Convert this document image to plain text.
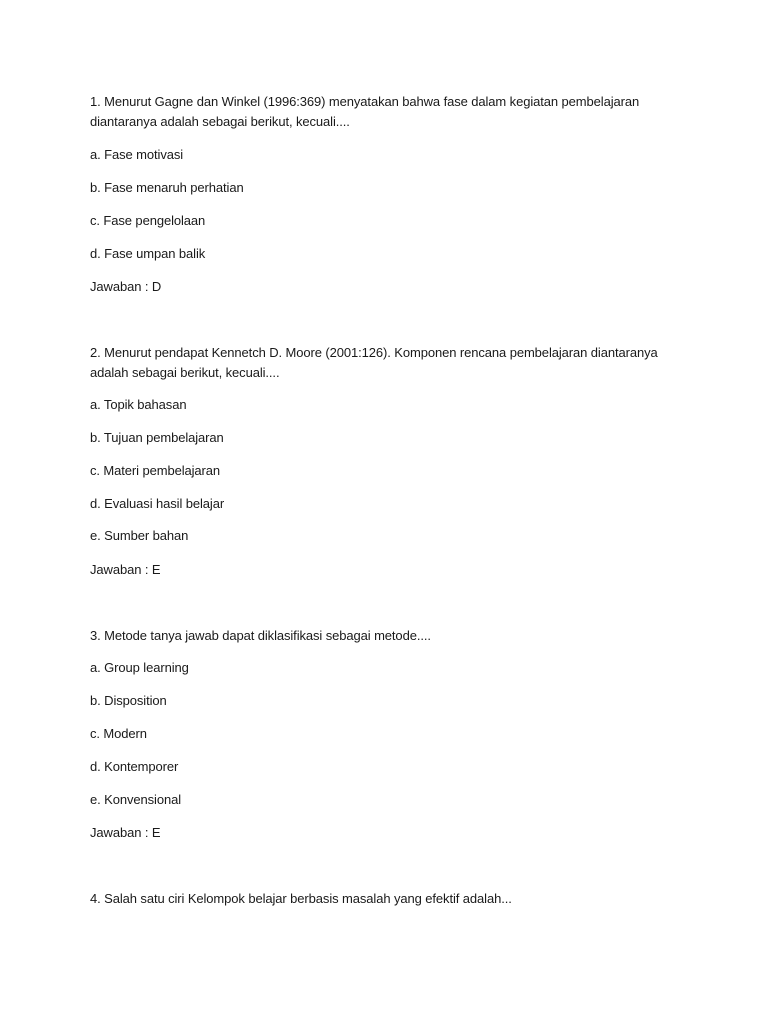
1. Menurut Gagne dan Winkel (1996:369) menyatakan bahwa fase dalam kegiatan pembelajaran
diantaranya adalah sebagai berikut, kecuali....
a. Fase motivasi
b. Fase menaruh perhatian
c. Fase pengelolaan
d. Fase umpan balik
Jawaban : D
2. Menurut pendapat Kennetch D. Moore (2001:126). Komponen rencana pembelajaran diantaranya
adalah sebagai berikut, kecuali....
a. Topik bahasan
b. Tujuan pembelajaran
c. Materi pembelajaran
d. Evaluasi hasil belajar
e. Sumber bahan
Jawaban : E
3. Metode tanya jawab dapat diklasifikasi sebagai metode....
a. Group learning
b. Disposition
c. Modern
d. Kontemporer
e. Konvensional
Jawaban : E
4. Salah satu ciri Kelompok belajar berbasis masalah yang efektif adalah...
